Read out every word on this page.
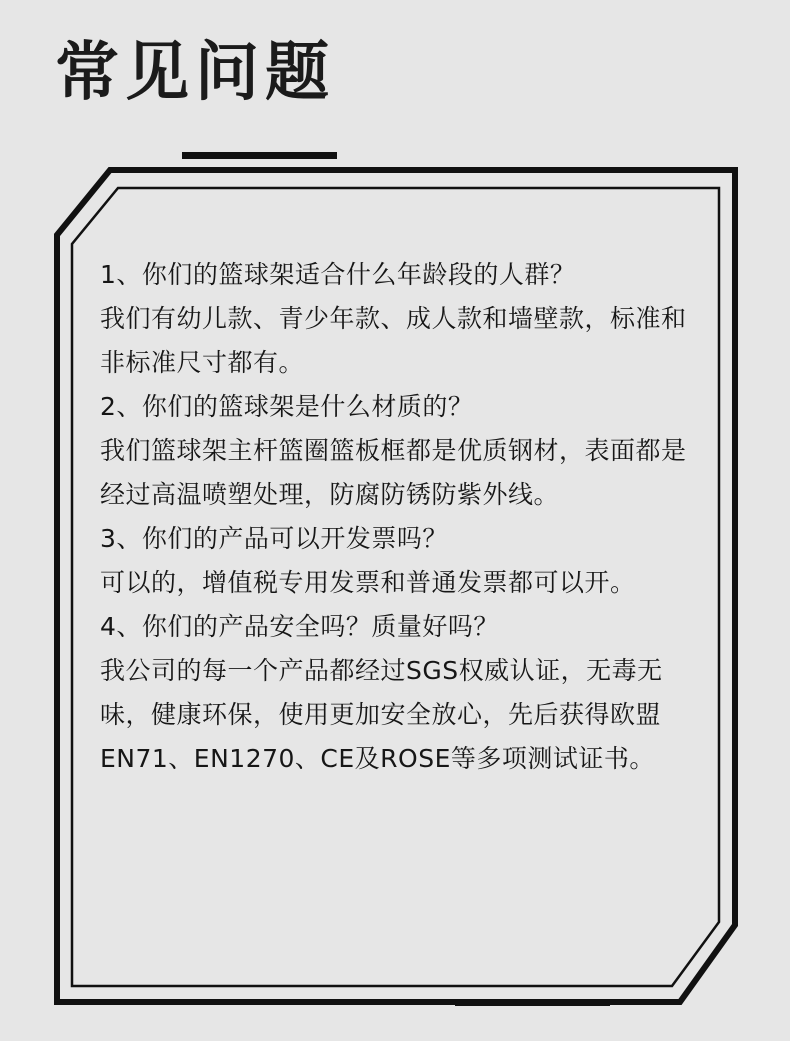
常见问题

1、你们的篮球架适合什么年龄段的人群？

我们有幼儿款、青少年款、成人款和墙壁款，标准和非标准尺寸都有。

2、你们的篮球架是什么材质的？

我们篮球架主杆篮圈篮板框都是优质钢材，表面都是经过高温喷塑处理，防腐防锈防紫外线。

3、你们的产品可以开发票吗？

可以的，增值税专用发票和普通发票都可以开。

4、你们的产品安全吗？质量好吗？

我公司的每一个产品都经过SGS权威认证，无毒无味，健康环保，使用更加安全放心，先后获得欧盟EN71、EN1270、CE及ROSE等多项测试证书。
